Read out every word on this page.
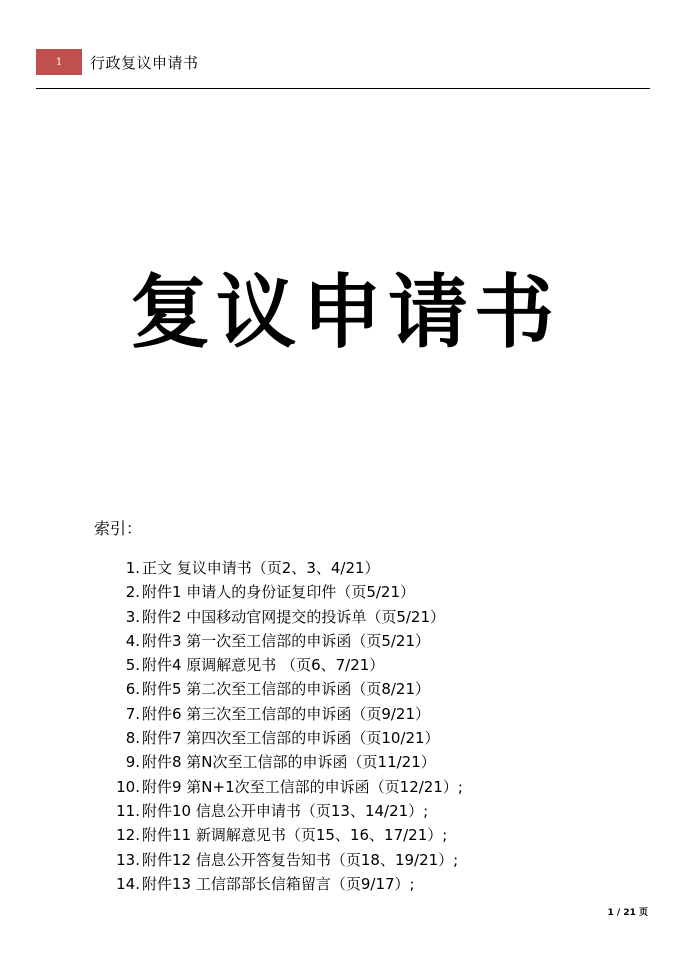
1	行政复议申请书
复议申请书
索引：
1. 正文 复议申请书（页2、3、4/21）
2. 附件1 申请人的身份证复印件（页5/21）
3. 附件2 中国移动官网提交的投诉单（页5/21）
4. 附件3 第一次至工信部的申诉函（页5/21）
5. 附件4 原调解意见书 （页6、7/21）
6. 附件5 第二次至工信部的申诉函（页8/21）
7. 附件6 第三次至工信部的申诉函（页9/21）
8. 附件7 第四次至工信部的申诉函（页10/21）
9. 附件8 第N次至工信部的申诉函（页11/21）
10. 附件9 第N+1次至工信部的申诉函（页12/21）;
11. 附件10 信息公开申请书（页13、14/21）;
12. 附件11 新调解意见书（页15、16、17/21）;
13. 附件12 信息公开答复告知书（页18、19/21）;
14. 附件13 工信部部长信箱留言（页9/17）;
1 / 21 页
